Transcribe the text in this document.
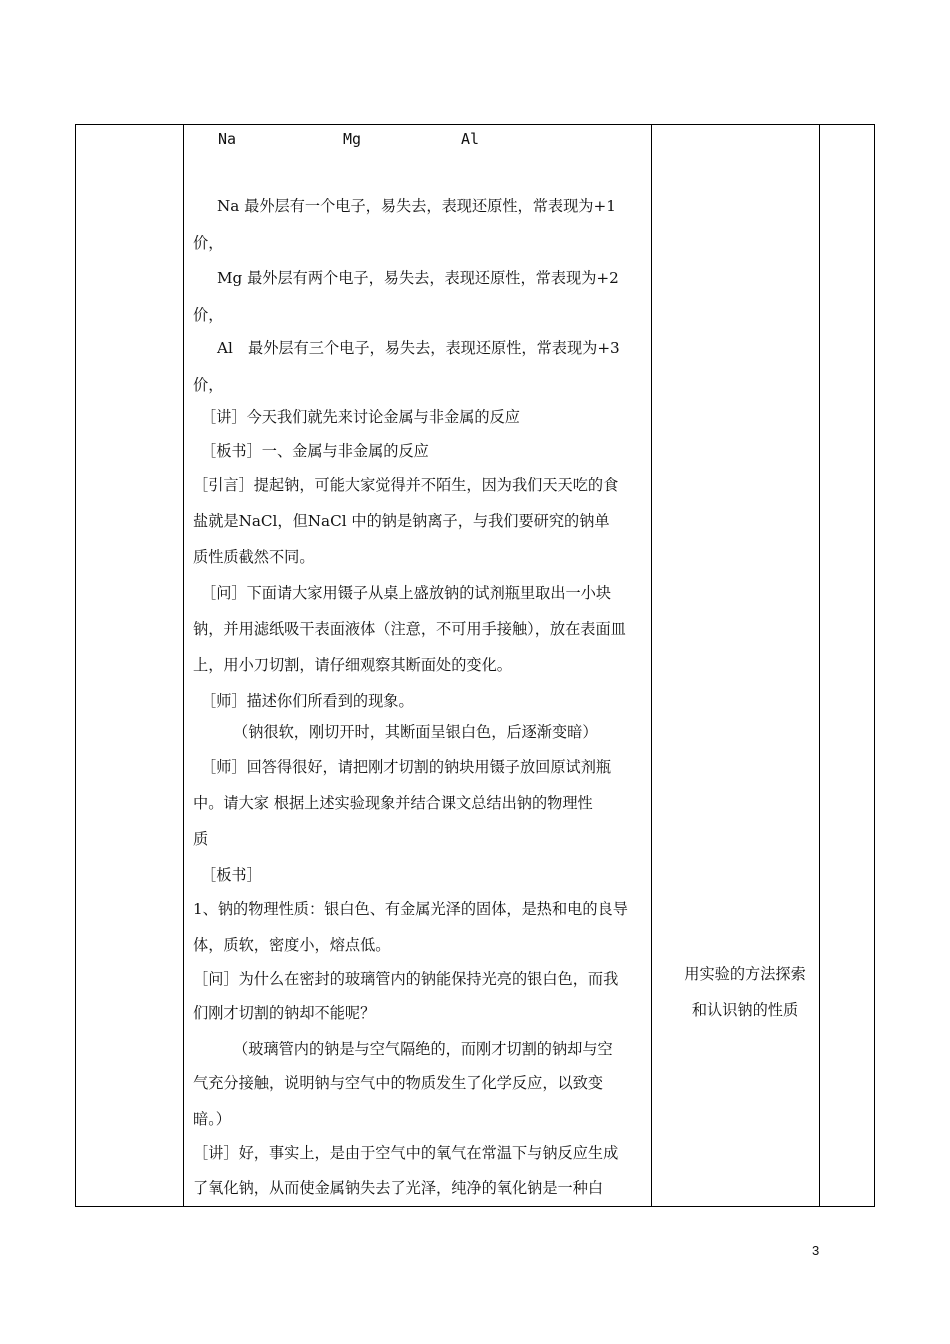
Na	Mg	Al
Na 最外层有一个电子，易失去，表现还原性，常表现为+1
价，
Mg 最外层有两个电子，易失去，表现还原性，常表现为+2
价，
Al　最外层有三个电子，易失去，表现还原性，常表现为+3
价，
［讲］今天我们就先来讨论金属与非金属的反应
［板书］一、金属与非金属的反应
［引言］提起钠，可能大家觉得并不陌生，因为我们天天吃的食
盐就是NaCl，但NaCl 中的钠是钠离子，与我们要研究的钠单
质性质截然不同。
［问］下面请大家用镊子从桌上盛放钠的试剂瓶里取出一小块
钠，并用滤纸吸干表面液体（注意，不可用手接触），放在表面皿
上，用小刀切割，请仔细观察其断面处的变化。
［师］描述你们所看到的现象。
（钠很软，刚切开时，其断面呈银白色，后逐渐变暗）
［师］回答得很好，请把刚才切割的钠块用镊子放回原试剂瓶
中。请大家 根据上述实验现象并结合课文总结出钠的物理性
质
［板书］
1、钠的物理性质：银白色、有金属光泽的固体，是热和电的良导
体，质软，密度小，熔点低。
［问］为什么在密封的玻璃管内的钠能保持光亮的银白色，而我
们刚才切割的钠却不能呢？
（玻璃管内的钠是与空气隔绝的，而刚才切割的钠却与空
气充分接触，说明钠与空气中的物质发生了化学反应，以致变
暗。）
［讲］好，事实上，是由于空气中的氧气在常温下与钠反应生成
了氧化钠，从而使金属钠失去了光泽，纯净的氧化钠是一种白
用实验的方法探索
和认识钠的性质
3
